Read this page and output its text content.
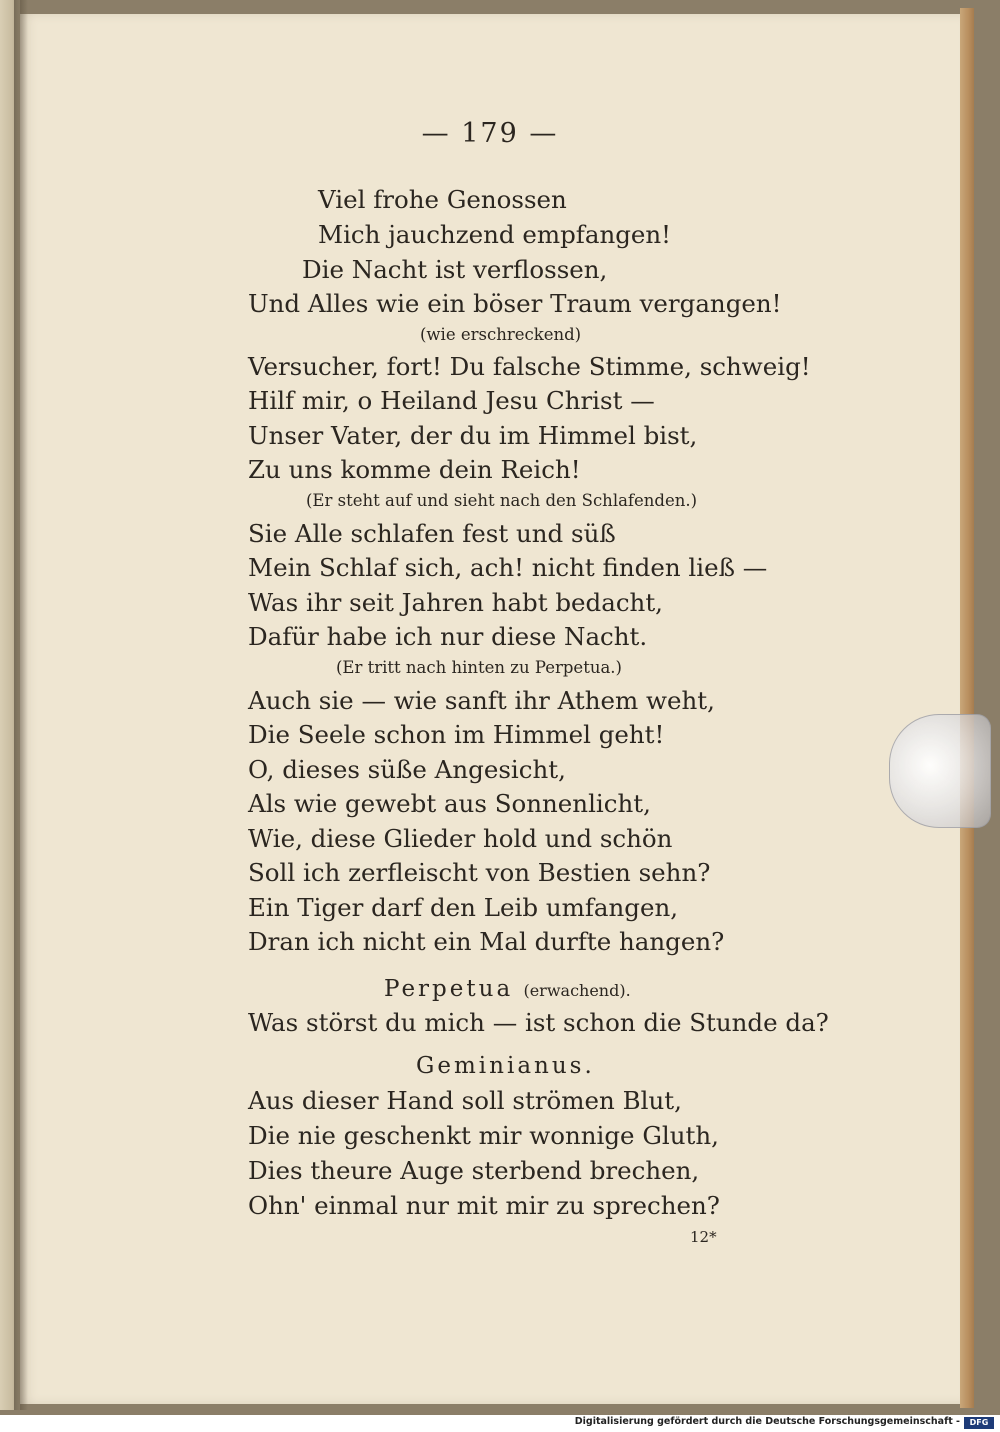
— 179 —
Viel frohe Genossen
Mich jauchzend empfangen!
Die Nacht ist verflossen,
Und Alles wie ein böser Traum vergangen!
(wie erschreckend)
Versucher, fort! Du falsche Stimme, schweig!
Hilf mir, o Heiland Jesu Christ —
Unser Vater, der du im Himmel bist,
Zu uns komme dein Reich!
(Er steht auf und sieht nach den Schlafenden.)
Sie Alle schlafen fest und süß
Mein Schlaf sich, ach! nicht finden ließ —
Was ihr seit Jahren habt bedacht,
Dafür habe ich nur diese Nacht.
(Er tritt nach hinten zu Perpetua.)
Auch sie — wie sanft ihr Athem weht,
Die Seele schon im Himmel geht!
O, dieses süße Angesicht,
Als wie gewebt aus Sonnenlicht,
Wie, diese Glieder hold und schön
Soll ich zerfleischt von Bestien sehn?
Ein Tiger darf den Leib umfangen,
Dran ich nicht ein Mal durfte hangen?
Perpetua (erwachend).
Was störst du mich — ist schon die Stunde da?
Geminianus.
Aus dieser Hand soll strömen Blut,
Die nie geschenkt mir wonnige Gluth,
Dies theure Auge sterbend brechen,
Ohn' einmal nur mit mir zu sprechen?
12*
Digitalisierung gefördert durch die Deutsche Forschungsgemeinschaft -	DFG
